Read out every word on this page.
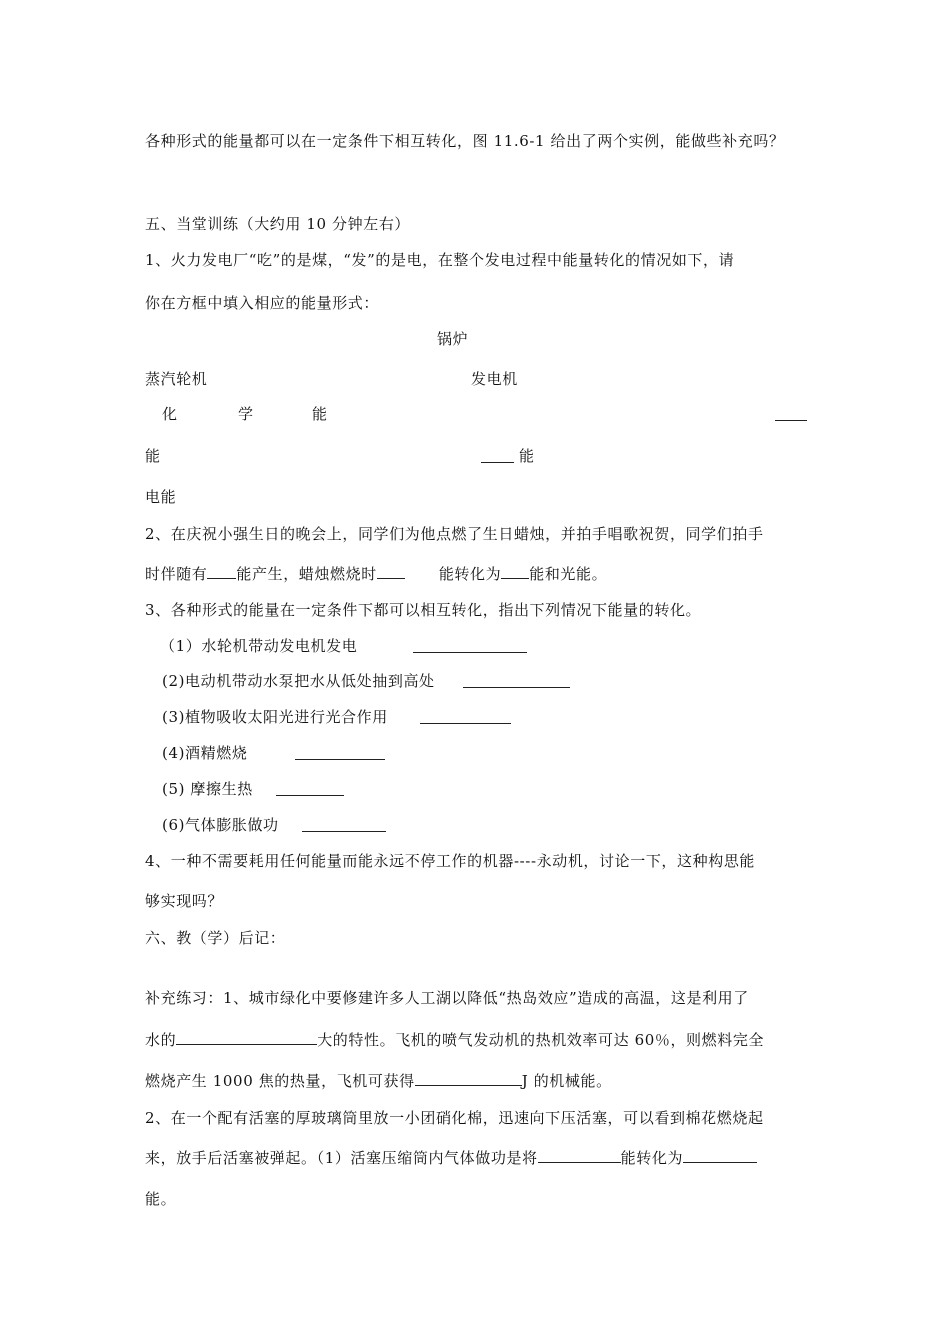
各种形式的能量都可以在一定条件下相互转化，图 11.6-1 给出了两个实例，能做些补充吗？
五、当堂训练（大约用 10 分钟左右）
1、火力发电厂“吃”的是煤，“发”的是电，在整个发电过程中能量转化的情况如下，请
你在方框中填入相应的能量形式：
锅炉
蒸汽轮机	发电机
化	学	能
能	能
电能
2、在庆祝小强生日的晚会上，同学们为他点燃了生日蜡烛，并拍手唱歌祝贺，同学们拍手
时伴随有 能产生，蜡烛燃烧时	能转化为 能和光能。
3、各种形式的能量在一定条件下都可以相互转化，指出下列情况下能量的转化。
（1）水轮机带动发电机发电
(2)电动机带动水泵把水从低处抽到高处
(3)植物吸收太阳光进行光合作用
(4)酒精燃烧
(5) 摩擦生热
(6)气体膨胀做功
4、一种不需要耗用任何能量而能永远不停工作的机器----永动机，讨论一下，这种构思能
够实现吗？
六、教（学）后记：
补充练习：1、城市绿化中要修建许多人工湖以降低“热岛效应”造成的高温，这是利用了
水的	大的特性。飞机的喷气发动机的热机效率可达 60％，则燃料完全
燃烧产生 1000 焦的热量，飞机可获得	J 的机械能。
2、在一个配有活塞的厚玻璃筒里放一小团硝化棉，迅速向下压活塞，可以看到棉花燃烧起
来，放手后活塞被弹起。（1）活塞压缩筒内气体做功是将	能转化为
能。
